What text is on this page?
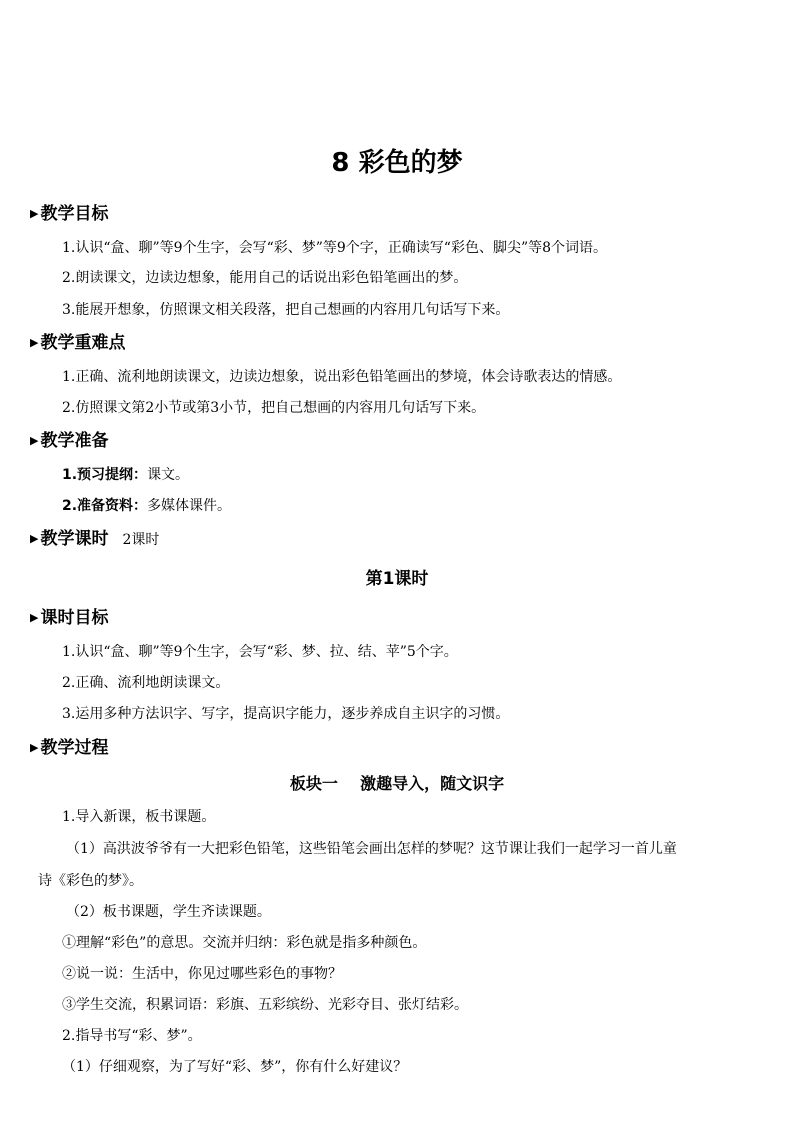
8 彩色的梦
▶ 教学目标
1.认识“盒、聊”等9个生字，会写“彩、梦”等9个字，正确读写“彩色、脚尖”等8个词语。
2.朗读课文，边读边想象，能用自己的话说出彩色铅笔画出的梦。
3.能展开想象，仿照课文相关段落，把自己想画的内容用几句话写下来。
▶ 教学重难点
1.正确、流利地朗读课文，边读边想象，说出彩色铅笔画出的梦境，体会诗歌表达的情感。
2.仿照课文第2小节或第3小节，把自己想画的内容用几句话写下来。
▶ 教学准备
1.预习提纲：课文。
2.准备资料：多媒体课件。
▶ 教学课时 2课时
第1课时
▶ 课时目标
1.认识“盒、聊”等9个生字，会写“彩、梦、拉、结、苹”5个字。
2.正确、流利地朗读课文。
3.运用多种方法识字、写字，提高识字能力，逐步养成自主识字的习惯。
▶ 教学过程
板块一    激趣导入，随文识字
1.导入新课，板书课题。
（1）高洪波爷爷有一大把彩色铅笔，这些铅笔会画出怎样的梦呢？这节课让我们一起学习一首儿童
诗《彩色的梦》。
（2）板书课题，学生齐读课题。
①理解“彩色”的意思。交流并归纳：彩色就是指多种颜色。
②说一说：生活中，你见过哪些彩色的事物？
③学生交流，积累词语：彩旗、五彩缤纷、光彩夺目、张灯结彩。
2.指导书写“彩、梦”。
（1）仔细观察，为了写好“彩、梦”，你有什么好建议？
